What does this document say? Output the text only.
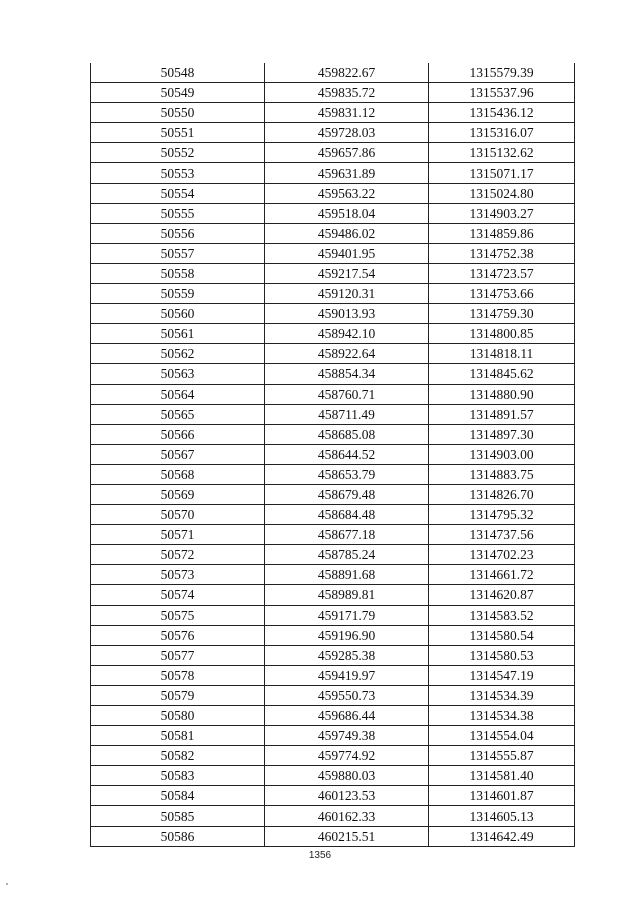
50548	459822.67	1315579.39
50549	459835.72	1315537.96
50550	459831.12	1315436.12
50551	459728.03	1315316.07
50552	459657.86	1315132.62
50553	459631.89	1315071.17
50554	459563.22	1315024.80
50555	459518.04	1314903.27
50556	459486.02	1314859.86
50557	459401.95	1314752.38
50558	459217.54	1314723.57
50559	459120.31	1314753.66
50560	459013.93	1314759.30
50561	458942.10	1314800.85
50562	458922.64	1314818.11
50563	458854.34	1314845.62
50564	458760.71	1314880.90
50565	458711.49	1314891.57
50566	458685.08	1314897.30
50567	458644.52	1314903.00
50568	458653.79	1314883.75
50569	458679.48	1314826.70
50570	458684.48	1314795.32
50571	458677.18	1314737.56
50572	458785.24	1314702.23
50573	458891.68	1314661.72
50574	458989.81	1314620.87
50575	459171.79	1314583.52
50576	459196.90	1314580.54
50577	459285.38	1314580.53
50578	459419.97	1314547.19
50579	459550.73	1314534.39
50580	459686.44	1314534.38
50581	459749.38	1314554.04
50582	459774.92	1314555.87
50583	459880.03	1314581.40
50584	460123.53	1314601.87
50585	460162.33	1314605.13
50586	460215.51	1314642.49
1356
